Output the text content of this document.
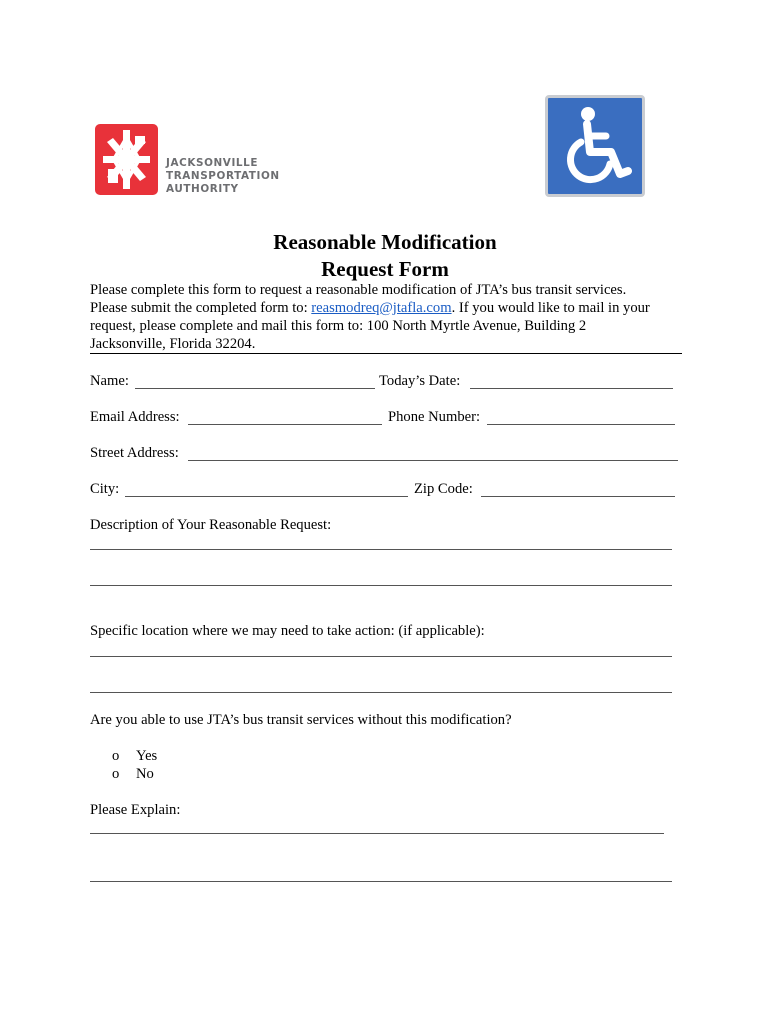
JACKSONVILLE
TRANSPORTATION
AUTHORITY
Reasonable Modification
Request Form
Please complete this form to request a reasonable modification of JTA’s bus transit services.
Please submit the completed form to: reasmodreq@jtafla.com. If you would like to mail in your
request, please complete and mail this form to: 100 North Myrtle Avenue, Building 2
Jacksonville, Florida 32204.
Name:	Today’s Date:
Email Address:	Phone Number:
Street Address:
City:	Zip Code:
Description of Your Reasonable Request:
Specific location where we may need to take action: (if applicable):
Are you able to use JTA’s bus transit services without this modification?
o Yes
o No
Please Explain:
